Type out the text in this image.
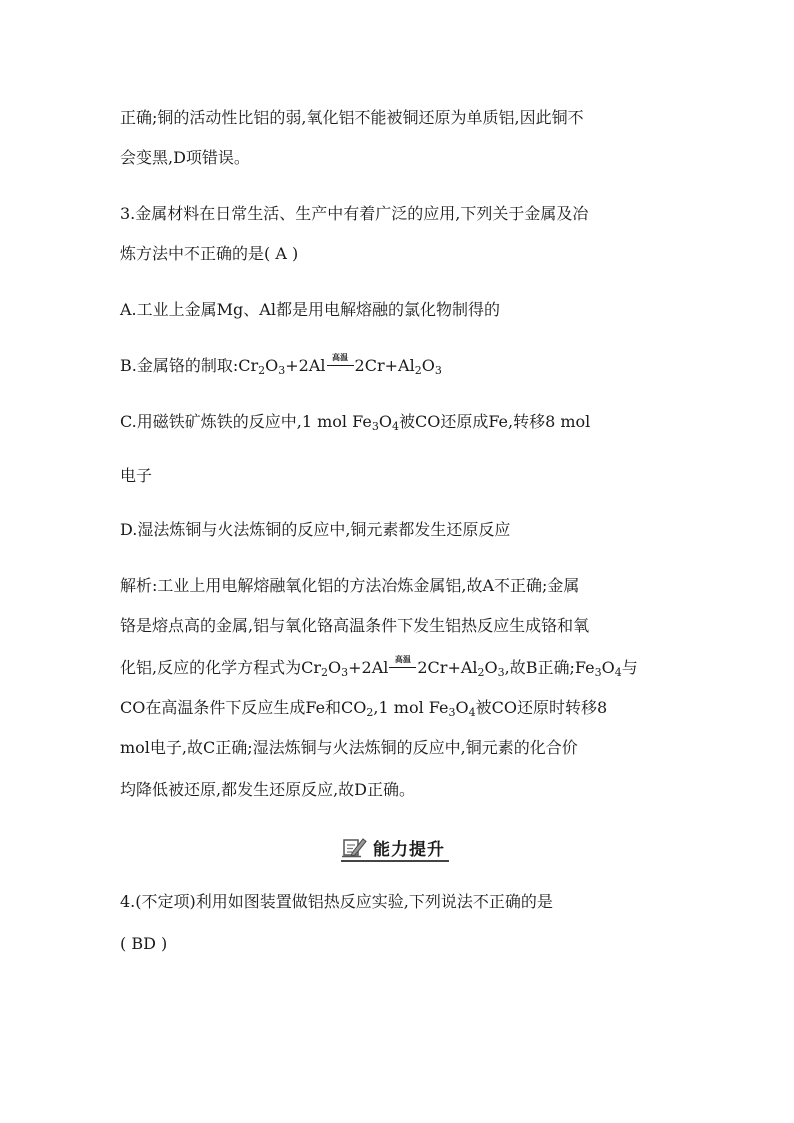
正确;铜的活动性比铝的弱,氧化铝不能被铜还原为单质铝,因此铜不
会变黑,D项错误。
3.金属材料在日常生活、生产中有着广泛的应用,下列关于金属及冶
炼方法中不正确的是( A )
A.工业上金属Mg、Al都是用电解熔融的氯化物制得的
B.金属铬的制取$:Cr_2O_3+2Al$ 高温 $2Cr+Al_2O_3$
C.用磁铁矿炼铁的反应中,1 mol $Fe_3O_4$被CO还原成Fe,转移8 mol
电子
D.湿法炼铜与火法炼铜的反应中,铜元素都发生还原反应
解析:工业上用电解熔融氧化铝的方法冶炼金属铝,故A不正确;金属
铬是熔点高的金属,铝与氧化铬高温条件下发生铝热反应生成铬和氧
化铝,反应的化学方程式为$Cr_2O_3+2Al$ 高温 $2Cr+Al_2O_3$,故B正确$;Fe_3O_4$与
CO在高温条件下反应生成Fe和$CO_2,1$ mol $Fe_3O_4$被CO还原时转移8
mol电子,故C正确;湿法炼铜与火法炼铜的反应中,铜元素的化合价
均降低被还原,都发生还原反应,故D正确。
能力提升
4.(不定项)利用如图装置做铝热反应实验,下列说法不正确的是
( BD )
